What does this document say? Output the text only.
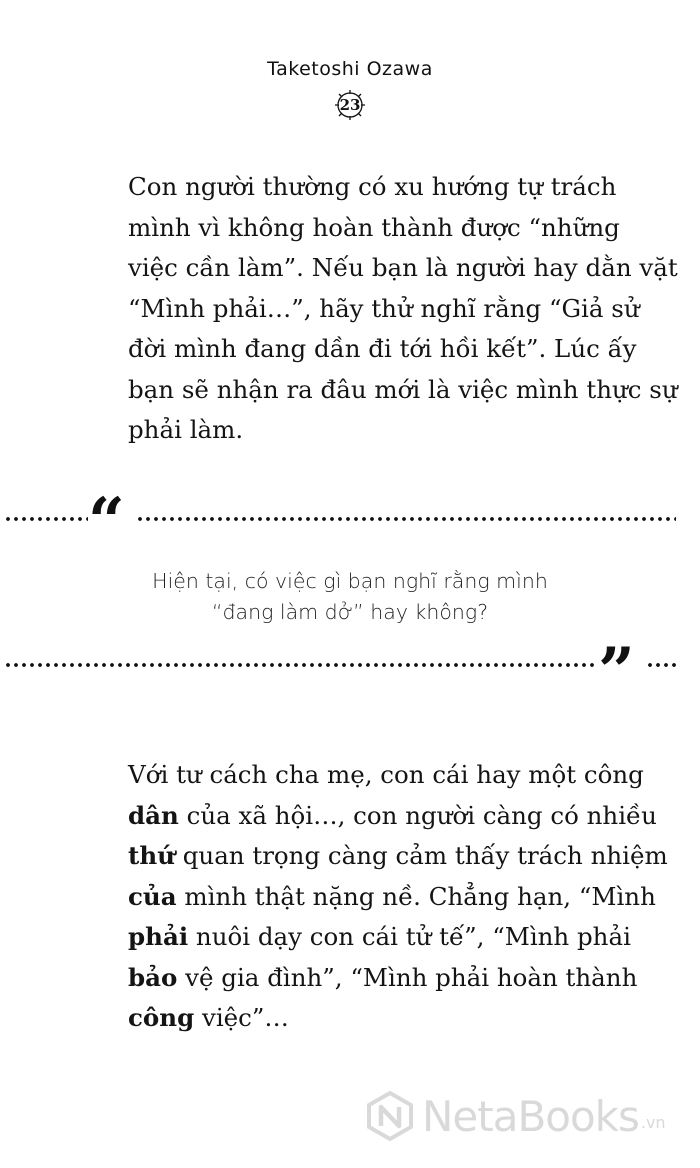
Taketoshi Ozawa
23

Con người thường có xu hướng tự trách
mình vì không hoàn thành được “những
việc cần làm”. Nếu bạn là người hay dằn vặt
“Mình phải…”, hãy thử nghĩ rằng “Giả sử
đời mình đang dần đi tới hồi kết”. Lúc ấy
bạn sẽ nhận ra đâu mới là việc mình thực sự
phải làm.

“
Hiện tại, có việc gì bạn nghĩ rằng mình
“đang làm dở” hay không?
”

Với tư cách cha mẹ, con cái hay một công
dân của xã hội…, con người càng có nhiều
thứ quan trọng càng cảm thấy trách nhiệm
của mình thật nặng nề. Chẳng hạn, “Mình
phải nuôi dạy con cái tử tế”, “Mình phải
bảo vệ gia đình”, “Mình phải hoàn thành
công việc”…

NetaBooks .vn
